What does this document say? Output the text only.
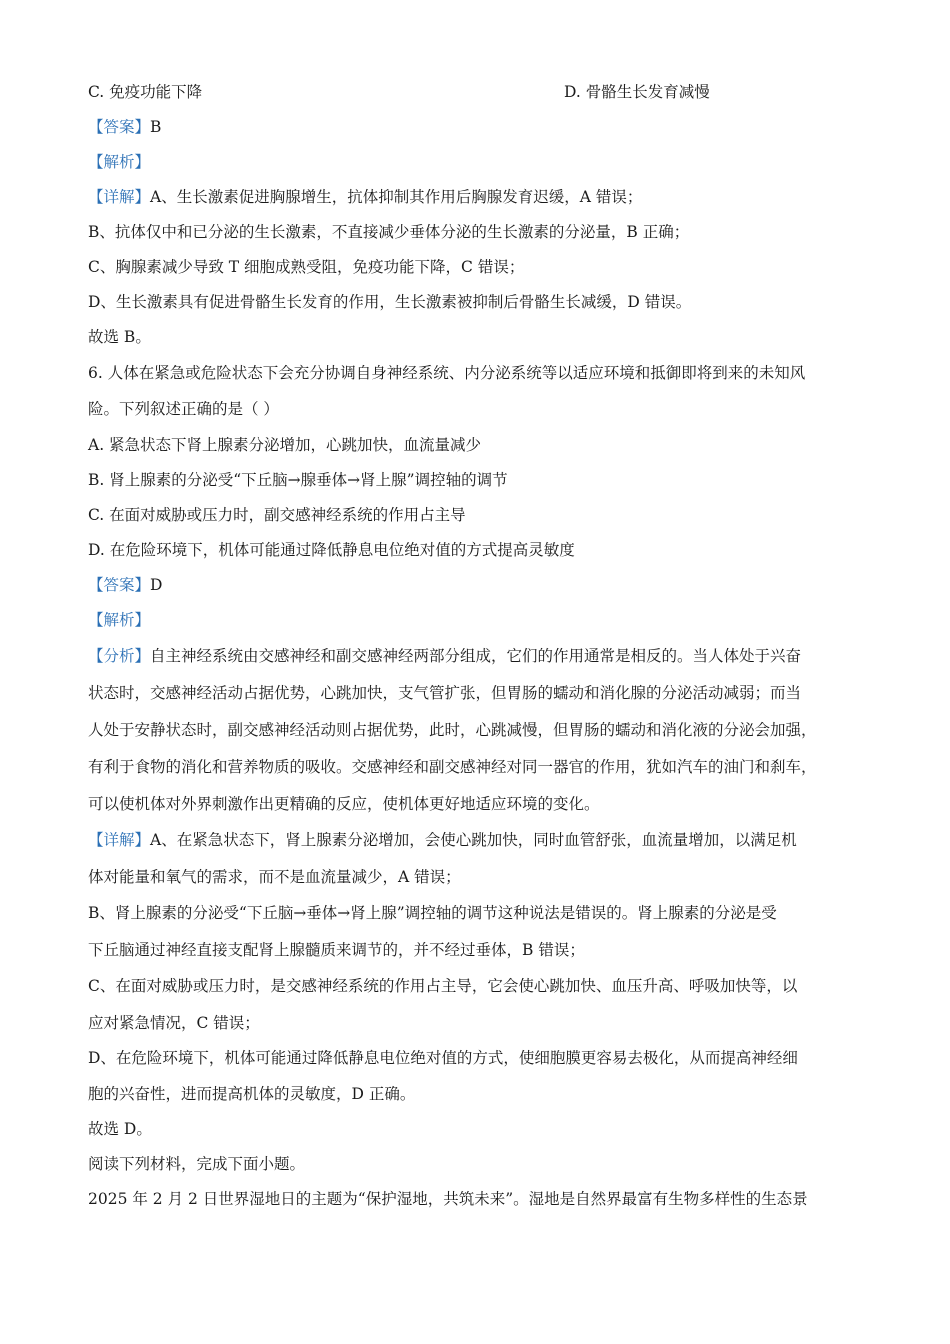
C. 免疫功能下降	D. 骨骼生长发育减慢
【答案】B
【解析】
【详解】A、生长激素促进胸腺增生，抗体抑制其作用后胸腺发育迟缓，A 错误；
B、抗体仅中和已分泌的生长激素，不直接减少垂体分泌的生长激素的分泌量，B 正确；
C、胸腺素减少导致 T 细胞成熟受阻，免疫功能下降，C 错误；
D、生长激素具有促进骨骼生长发育的作用，生长激素被抑制后骨骼生长减缓，D 错误。
故选 B。
6. 人体在紧急或危险状态下会充分协调自身神经系统、内分泌系统等以适应环境和抵御即将到来的未知风
险。下列叙述正确的是（ ）
A. 紧急状态下肾上腺素分泌增加，心跳加快，血流量减少
B. 肾上腺素的分泌受“下丘脑→腺垂体→肾上腺”调控轴的调节
C. 在面对威胁或压力时，副交感神经系统的作用占主导
D. 在危险环境下，机体可能通过降低静息电位绝对值的方式提高灵敏度
【答案】D
【解析】
【分析】自主神经系统由交感神经和副交感神经两部分组成，它们的作用通常是相反的。当人体处于兴奋
状态时，交感神经活动占据优势，心跳加快，支气管扩张，但胃肠的蠕动和消化腺的分泌活动减弱；而当
人处于安静状态时，副交感神经活动则占据优势，此时，心跳减慢，但胃肠的蠕动和消化液的分泌会加强，
有利于食物的消化和营养物质的吸收。交感神经和副交感神经对同一器官的作用，犹如汽车的油门和刹车，
可以使机体对外界刺激作出更精确的反应，使机体更好地适应环境的变化。
【详解】A、在紧急状态下，肾上腺素分泌增加，会使心跳加快，同时血管舒张，血流量增加，以满足机
体对能量和氧气的需求，而不是血流量减少，A 错误；
B、肾上腺素的分泌受“下丘脑→垂体→肾上腺”调控轴的调节这种说法是错误的。肾上腺素的分泌是受
下丘脑通过神经直接支配肾上腺髓质来调节的，并不经过垂体，B 错误；
C、在面对威胁或压力时，是交感神经系统的作用占主导，它会使心跳加快、血压升高、呼吸加快等，以
应对紧急情况，C 错误；
D、在危险环境下，机体可能通过降低静息电位绝对值的方式，使细胞膜更容易去极化，从而提高神经细
胞的兴奋性，进而提高机体的灵敏度，D 正确。
故选 D。
阅读下列材料，完成下面小题。
2025 年 2 月 2 日世界湿地日的主题为“保护湿地，共筑未来”。湿地是自然界最富有生物多样性的生态景
